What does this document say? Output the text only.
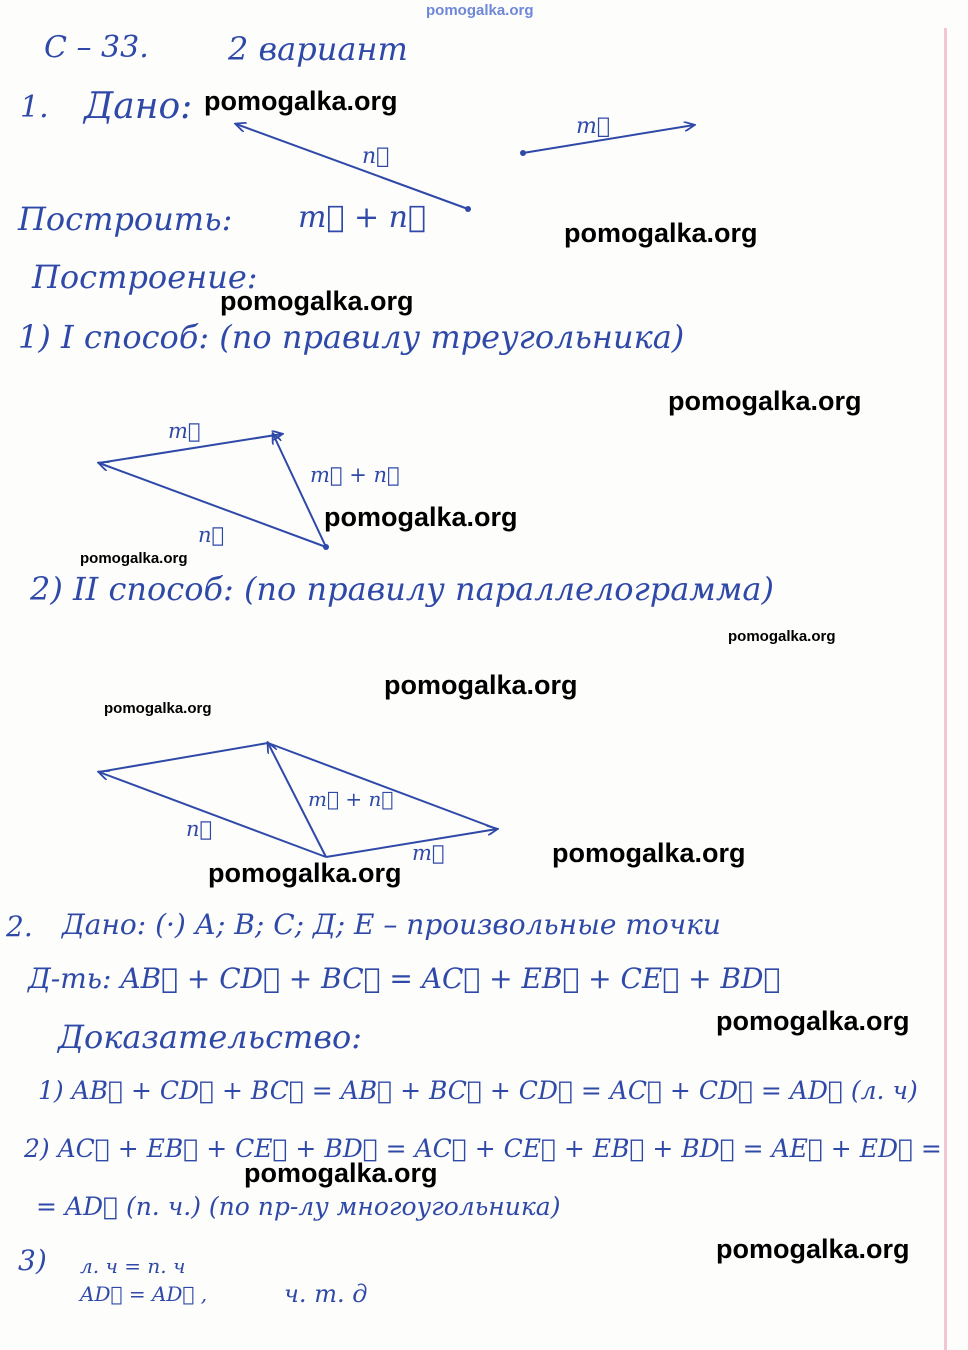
pomogalka.org
С – 33. 2 вариант
1. Дано:
n⃗
m⃗
Построить: m⃗ + n⃗
Построение:
1) I способ: (по правилу треугольника)
m⃗
n⃗
m⃗ + n⃗
2) II способ: (по правилу параллелограмма)
n⃗
m⃗
m⃗ + n⃗
2. Дано: (·) А; В; С; Д; Е – произвольные точки
Д-ть: AB⃗ + CD⃗ + BC⃗ = AC⃗ + EB⃗ + CE⃗ + BD⃗
Доказательство:
1) AB⃗ + CD⃗ + BC⃗ = AB⃗ + BC⃗ + CD⃗ = AC⃗ + CD⃗ = AD⃗ (л. ч)
2) AC⃗ + EB⃗ + CE⃗ + BD⃗ = AC⃗ + CE⃗ + EB⃗ + BD⃗ = AE⃗ + ED⃗ =
= AD⃗ (п. ч.) (по пр-лу многоугольника)
3) л. ч = п. ч
AD⃗ = AD⃗ ,	ч. т. д
pomogalka.org
pomogalka.org
pomogalka.org
pomogalka.org
pomogalka.org
pomogalka.org
pomogalka.org
pomogalka.org
pomogalka.org
pomogalka.org
pomogalka.org
pomogalka.org
pomogalka.org
pomogalka.org
